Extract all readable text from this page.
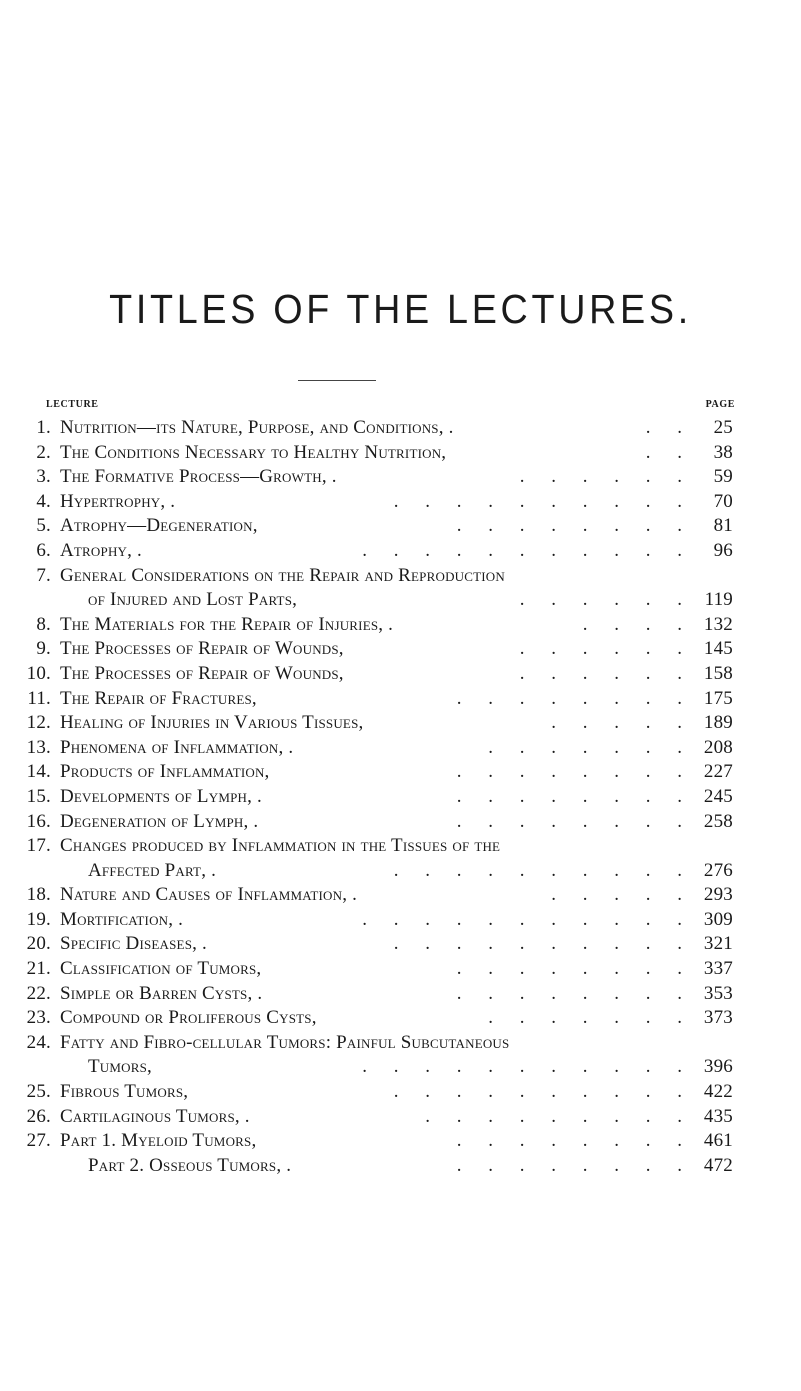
TITLES OF THE LECTURES.
LECTURE	PAGE
1. Nutrition—its Nature, Purpose, and Conditions, .	. . 25
2. The Conditions Necessary to Healthy Nutrition,	. . 38
3. The Formative Process—Growth, .	. . . . . . 59
4. Hypertrophy, .	. . . . . . . . . . 70
5. Atrophy—Degeneration,	. . . . . . . . 81
6. Atrophy, .	. . . . . . . . . . . 96
7. General Considerations on the Repair and Reproduction
of Injured and Lost Parts,	. . . . . . 119
8. The Materials for the Repair of Injuries, .	. . . . 132
9. The Processes of Repair of Wounds,	. . . . . . 145
10. The Processes of Repair of Wounds,	. . . . . . 158
11. The Repair of Fractures,	. . . . . . . . 175
12. Healing of Injuries in Various Tissues,	. . . . . 189
13. Phenomena of Inflammation, .	. . . . . . . 208
14. Products of Inflammation,	. . . . . . . . 227
15. Developments of Lymph, .	. . . . . . . . 245
16. Degeneration of Lymph, .	. . . . . . . . 258
17. Changes produced by Inflammation in the Tissues of the
Affected Part, .	. . . . . . . . . . 276
18. Nature and Causes of Inflammation, .	. . . . . 293
19. Mortification, .	. . . . . . . . . . . 309
20. Specific Diseases, .	. . . . . . . . . . 321
21. Classification of Tumors,	. . . . . . . . 337
22. Simple or Barren Cysts, .	. . . . . . . . 353
23. Compound or Proliferous Cysts,	. . . . . . . 373
24. Fatty and Fibro-cellular Tumors: Painful Subcutaneous
Tumors,	. . . . . . . . . . . 396
25. Fibrous Tumors,	. . . . . . . . . . 422
26. Cartilaginous Tumors, .	. . . . . . . . . 435
27. Part 1. Myeloid Tumors,	. . . . . . . . 461
Part 2. Osseous Tumors, .	. . . . . . . . 472
